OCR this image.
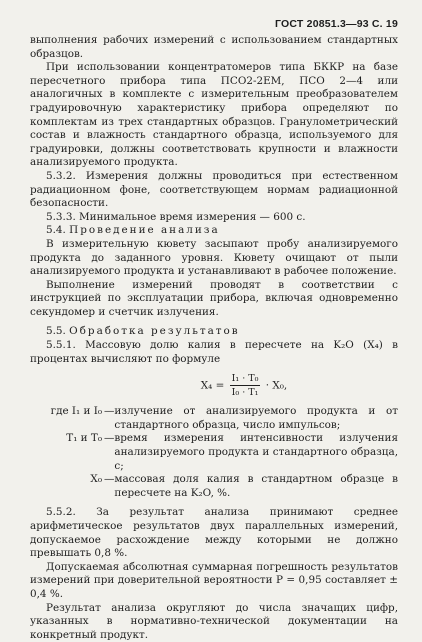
ГОСТ 20851.3—93 С. 19

выполнения рабочих измерений с использованием стандартных образцов.

При использовании концентратомеров типа БККР на базе пересчетного прибора типа ПСО2-2ЕМ, ПСО 2—4 или аналогичных в комплекте с измерительным преобразователем градуировочную характеристику прибора определяют по комплектам из трех стандартных образцов. Гранулометрический состав и влажность стандартного образца, используемого для градуировки, должны соответствовать крупности и влажности анализируемого продукта.

5.3.2. Измерения должны проводиться при естественном радиационном фоне, соответствующем нормам радиационной безопасности.

5.3.3. Минимальное время измерения — 600 с.

5.4. Проведение анализа

В измерительную кювету засыпают пробу анализируемого продукта до заданного уровня. Кювету очищают от пыли анализируемого продукта и устанавливают в рабочее положение.

Выполнение измерений проводят в соответствии с инструкцией по эксплуатации прибора, включая одновременно секундомер и счетчик излучения.

5.5. Обработка результатов

5.5.1. Массовую долю калия в пересчете на K₂O (X₄) в процентах вычисляют по формуле

$X_4 = \frac{\text{I₁ · T₀}}{\text{I₀ · T₁}} \cdot X_0$,
где I₁ и I₀	—	излучение от анализируемого продукта и от стандартного образца, число импульсов;
T₁ и T₀	—	время измерения интенсивности излучения анализируемого продукта и стандартного образца, с;
X₀	—	массовая доля калия в стандартном образце в пересчете на K₂O, %.

5.5.2. За результат анализа принимают среднее арифметическое результатов двух параллельных измерений, допускаемое расхождение между которыми не должно превышать 0,8 %.

Допускаемая абсолютная суммарная погрешность результатов измерений при доверительной вероятности P = 0,95 составляет ± 0,4 %.

Результат анализа округляют до числа значащих цифр, указанных в нормативно-технической документации на конкретный продукт.
